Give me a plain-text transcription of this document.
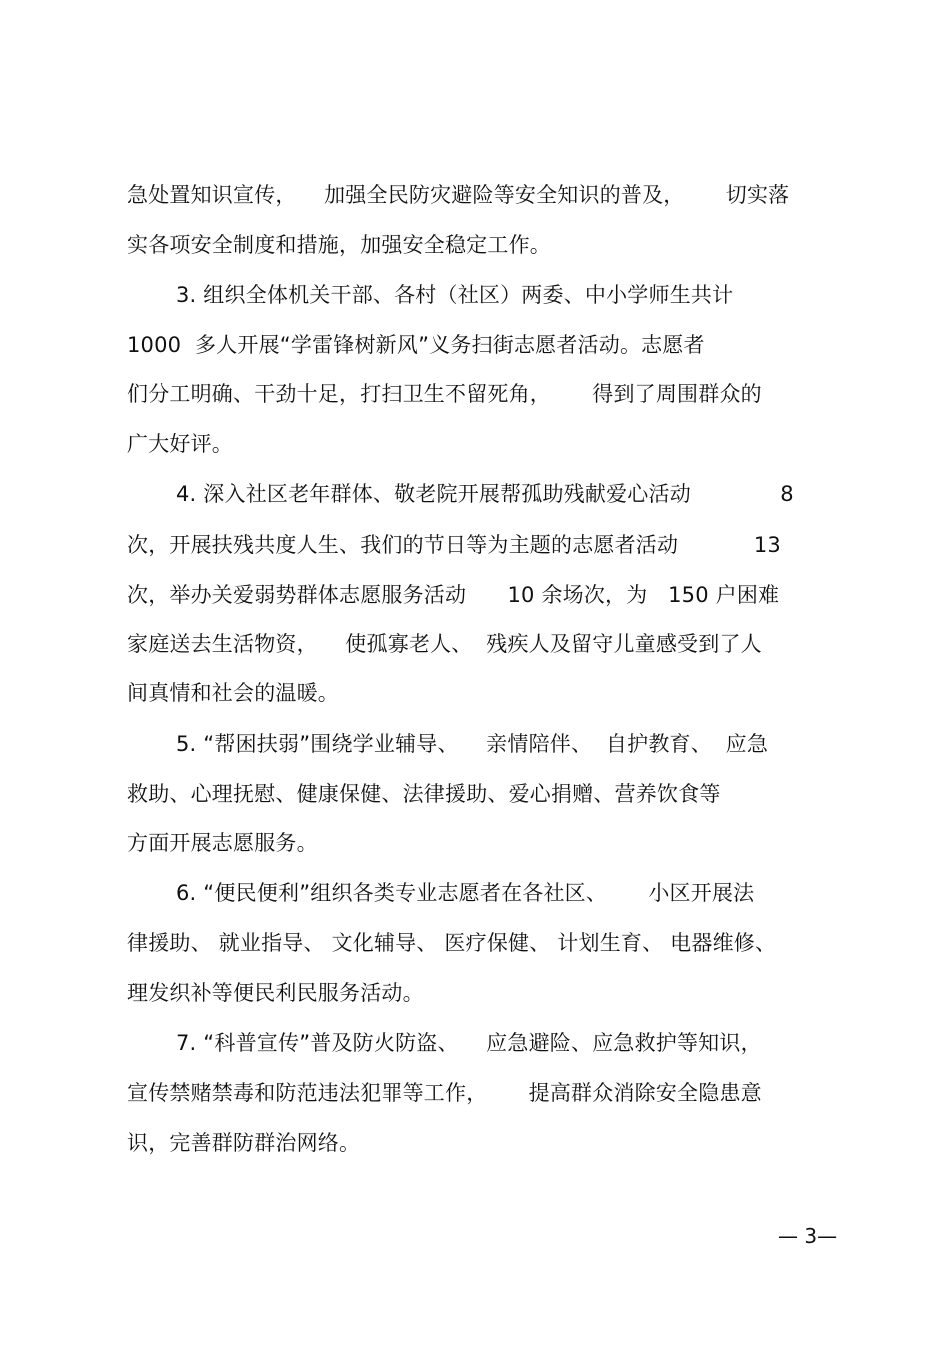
急处置知识宣传，    加强全民防灾避险等安全知识的普及，      切实落
实各项安全制度和措施，加强安全稳定工作。
3. 组织全体机关干部、各村（社区）两委、中小学师生共计
1000  多人开展“学雷锋树新风”义务扫街志愿者活动。志愿者
们分工明确、干劲十足，打扫卫生不留死角，      得到了周围群众的
广大好评。
4. 深入社区老年群体、敬老院开展帮孤助残献爱心活动             8
次，开展扶残共度人生、我们的节日等为主题的志愿者活动           13
次，举办关爱弱势群体志愿服务活动      10 余场次，为   150 户困难
家庭送去生活物资，    使孤寡老人、  残疾人及留守儿童感受到了人
间真情和社会的温暖。
5. “帮困扶弱”围绕学业辅导、    亲情陪伴、  自护教育、  应急
救助、心理抚慰、健康保健、法律援助、爱心捐赠、营养饮食等
方面开展志愿服务。
6. “便民便利”组织各类专业志愿者在各社区、      小区开展法
律援助、 就业指导、 文化辅导、 医疗保健、 计划生育、 电器维修、
理发织补等便民利民服务活动。
7. “科普宣传”普及防火防盗、    应急避险、应急救护等知识，
宣传禁赌禁毒和防范违法犯罪等工作，      提高群众消除安全隐患意
识，完善群防群治网络。
— 3—
